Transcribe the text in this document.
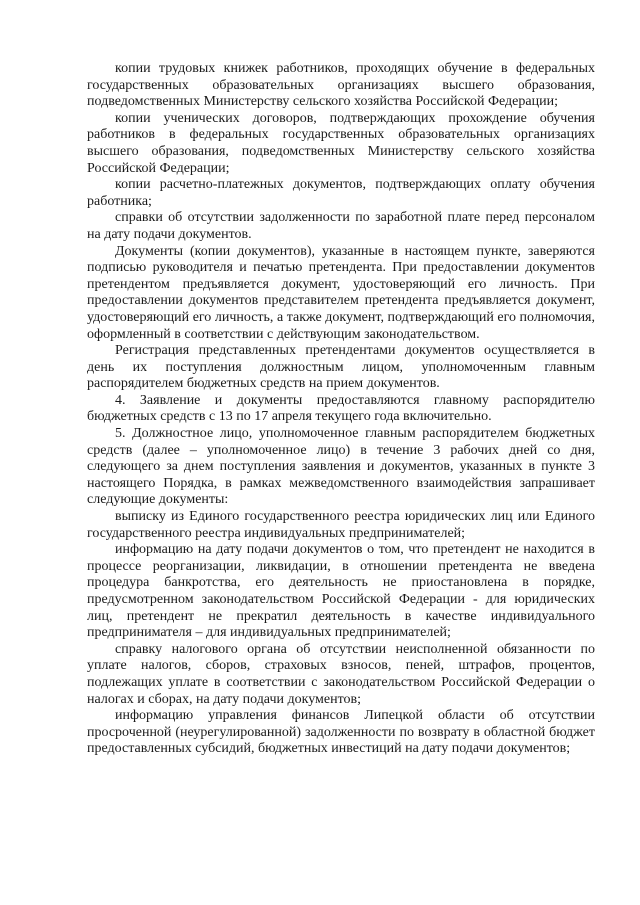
копии трудовых книжек работников, проходящих обучение в федеральных государственных образовательных организациях высшего образования, подведомственных Министерству сельского хозяйства Российской Федерации;

копии ученических договоров, подтверждающих прохождение обучения работников в федеральных государственных образовательных организациях высшего образования, подведомственных Министерству сельского хозяйства Российской Федерации;

копии расчетно-платежных документов, подтверждающих оплату обучения работника;

справки об отсутствии задолженности по заработной плате перед персоналом на дату подачи документов.

Документы (копии документов), указанные в настоящем пункте, заверяются подписью руководителя и печатью претендента. При предоставлении документов претендентом предъявляется документ, удостоверяющий его личность. При предоставлении документов представителем претендента предъявляется документ, удостоверяющий его личность, а также документ, подтверждающий его полномочия, оформленный в соответствии с действующим законодательством.

Регистрация представленных претендентами документов осуществляется в день их поступления должностным лицом, уполномоченным главным распорядителем бюджетных средств на прием документов.

4. Заявление и документы предоставляются главному распорядителю бюджетных средств с 13 по 17 апреля текущего года включительно.

5. Должностное лицо, уполномоченное главным распорядителем бюджетных средств (далее – уполномоченное лицо) в течение 3 рабочих дней со дня, следующего за днем поступления заявления и документов, указанных в пункте 3 настоящего Порядка, в рамках межведомственного взаимодействия запрашивает следующие документы:

выписку из Единого государственного реестра юридических лиц или Единого государственного реестра индивидуальных предпринимателей;

информацию на дату подачи документов о том, что претендент не находится в процессе реорганизации, ликвидации, в отношении претендента не введена процедура банкротства, его деятельность не приостановлена в порядке, предусмотренном законодательством Российской Федерации - для юридических лиц, претендент не прекратил деятельность в качестве индивидуального предпринимателя – для индивидуальных предпринимателей;

справку налогового органа об отсутствии неисполненной обязанности по уплате налогов, сборов, страховых взносов, пеней, штрафов, процентов, подлежащих уплате в соответствии с законодательством Российской Федерации о налогах и сборах, на дату подачи документов;

информацию управления финансов Липецкой области об отсутствии просроченной (неурегулированной) задолженности по возврату в областной бюджет предоставленных субсидий, бюджетных инвестиций на дату подачи документов;
